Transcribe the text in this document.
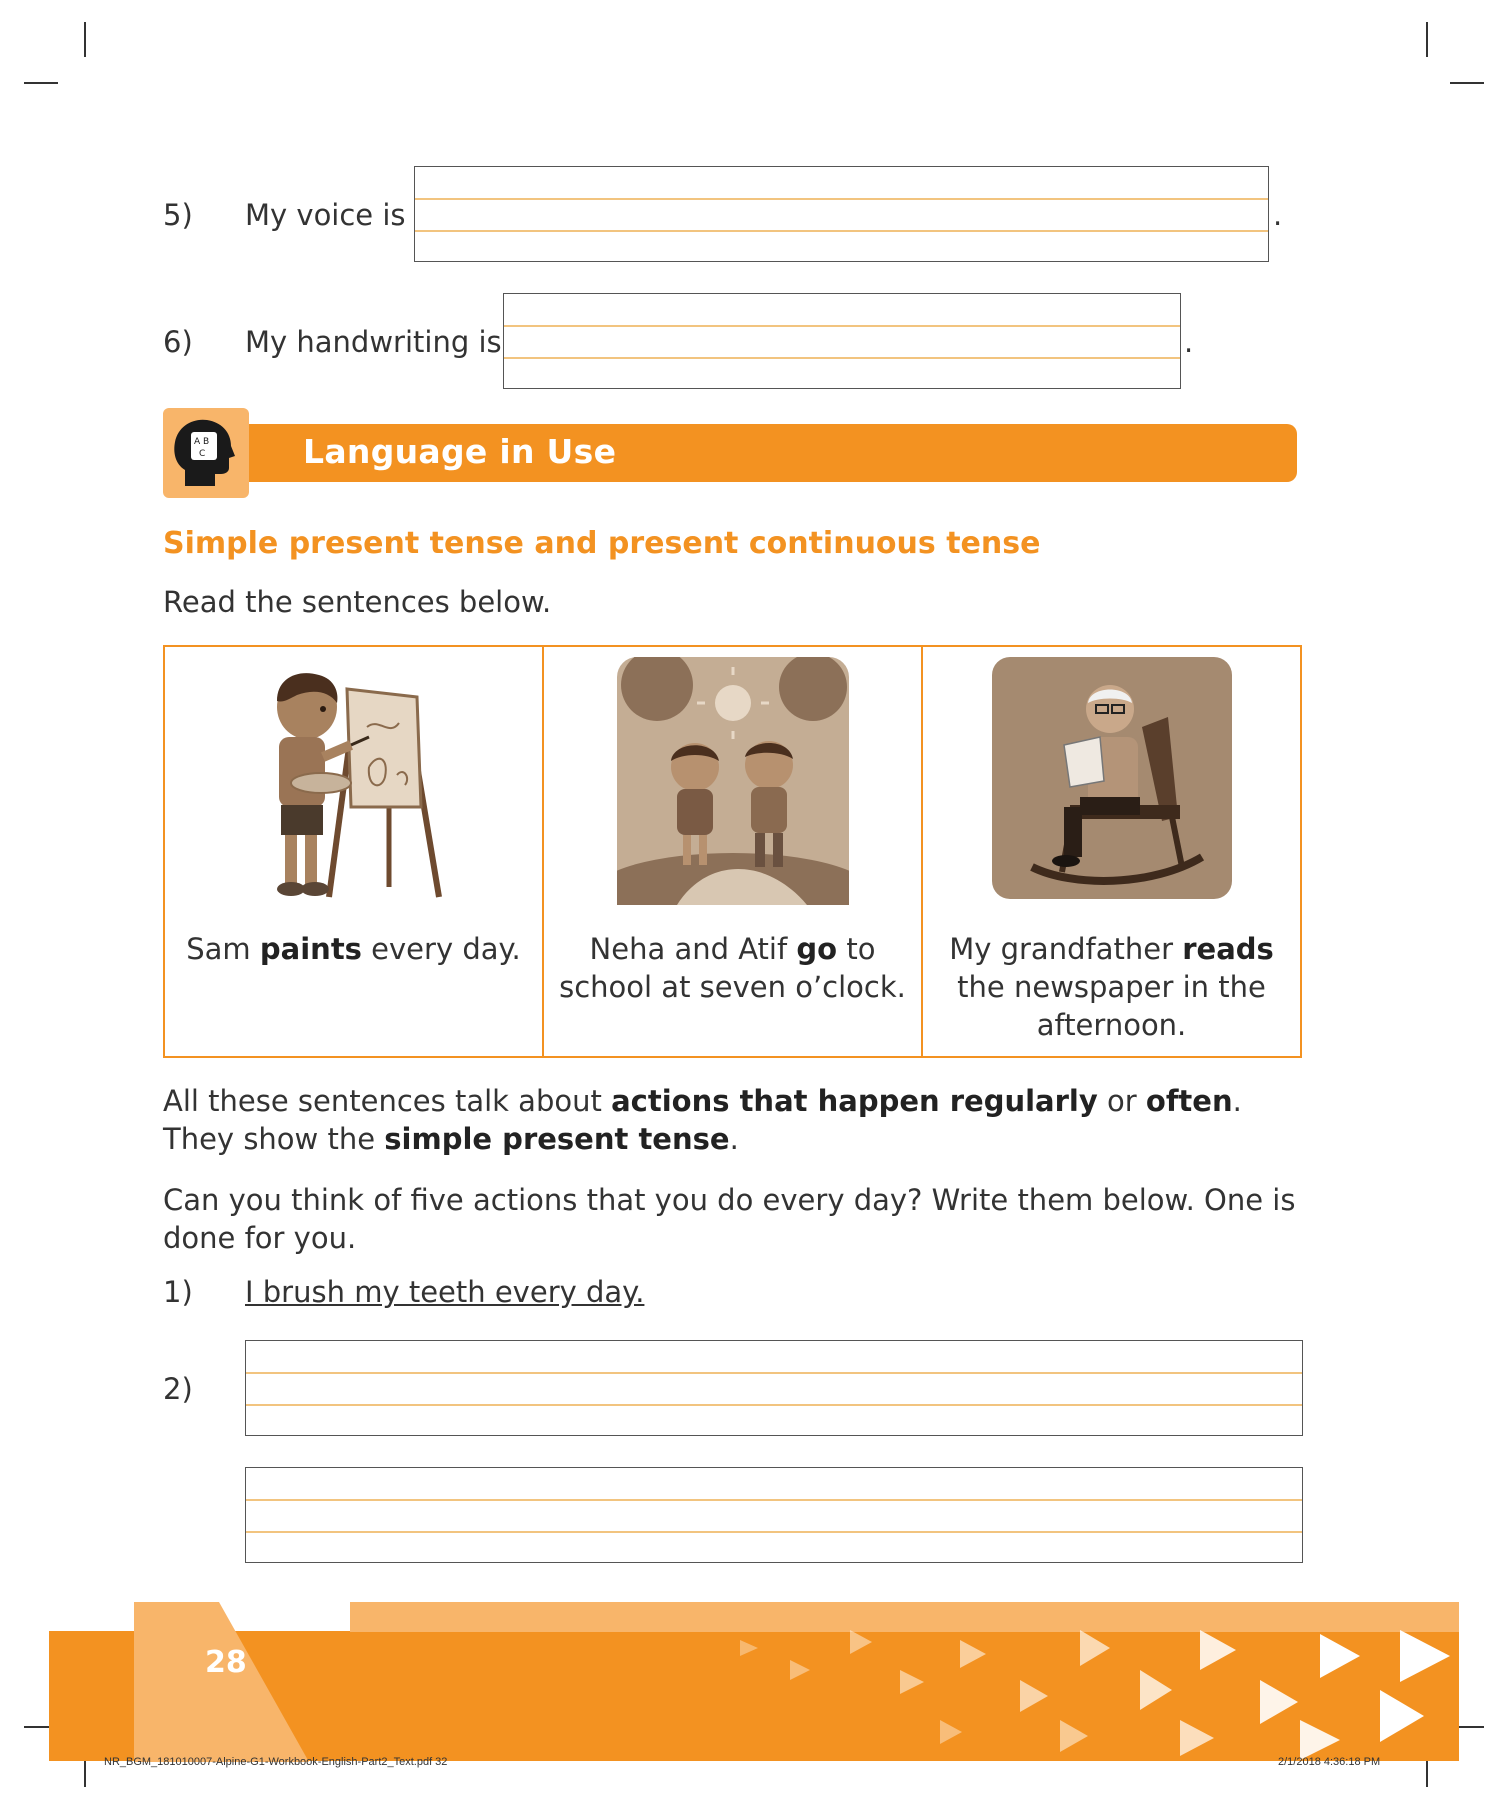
5) My voice is	.
6) My handwriting is	.
A B
C	Language in Use
Simple present tense and present continuous tense
Read the sentences below.
Sam paints every day.	Neha and Atif go to school at seven o’clock.
My grandfather reads the newspaper in the afternoon.
All these sentences talk about actions that happen regularly or often. They show the simple present tense.
Can you think of five actions that you do every day? Write them below. One is done for you.
1) I brush my teeth every day.
2)
28
NR_BGM_181010007-Alpine-G1-Workbook-English-Part2_Text.pdf 32	2/1/2018 4:36:18 PM
